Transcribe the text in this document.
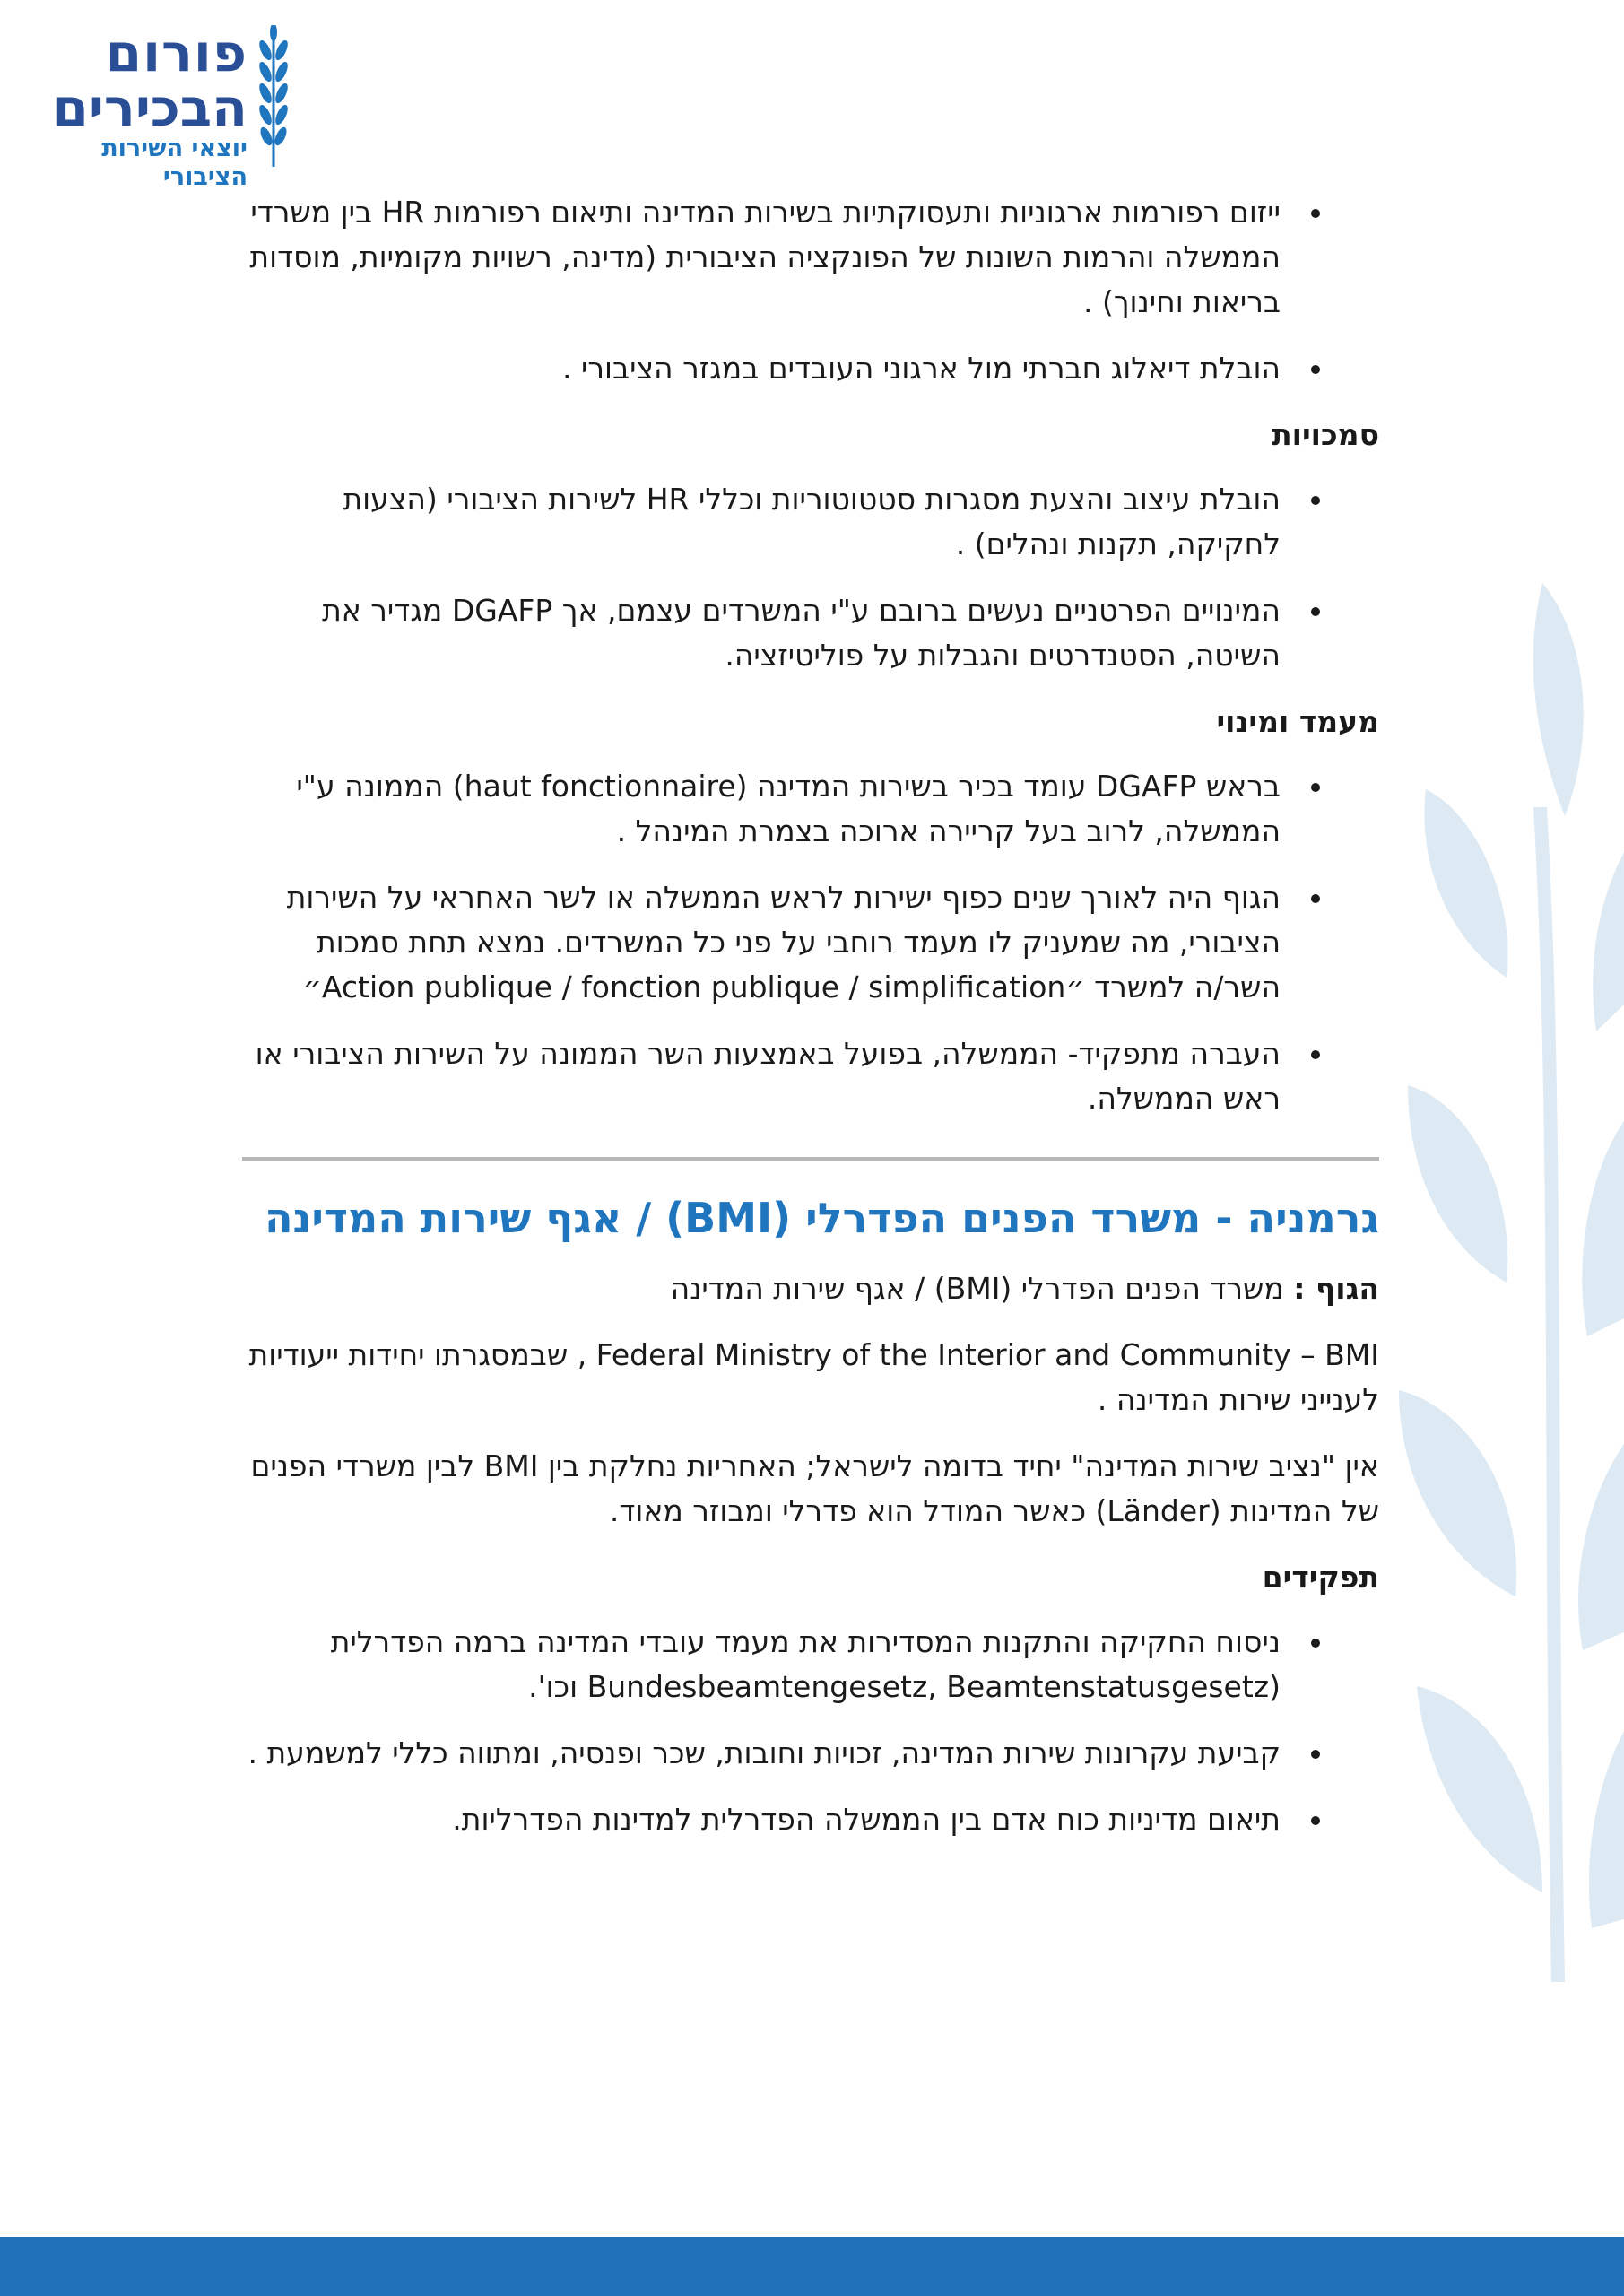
פורום
הבכירים
יוצאי השירות הציבורי
ייזום רפורמות ארגוניות ותעסוקתיות בשירות המדינה ותיאום רפורמות HR בין משרדי הממשלה והרמות השונות של הפונקציה הציבורית (מדינה, רשויות מקומיות, מוסדות בריאות וחינוך) .
הובלת דיאלוג חברתי מול ארגוני העובדים במגזר הציבורי .
סמכויות
הובלת עיצוב והצעת מסגרות סטטוטוריות וכללי HR לשירות הציבורי (הצעות לחקיקה, תקנות ונהלים) .
המינויים הפרטניים נעשים ברובם ע"י המשרדים עצמם, אך DGAFP מגדיר את השיטה, הסטנדרטים והגבלות על פוליטיזציה.
מעמד ומינוי
בראש DGAFP עומד בכיר בשירות המדינה (haut fonctionnaire) הממונה ע"י הממשלה, לרוב בעל קריירה ארוכה בצמרת המינהל .
הגוף היה לאורך שנים כפוף ישירות לראש הממשלה או לשר האחראי על השירות הציבורי, מה שמעניק לו מעמד רוחבי על פני כל המשרדים. נמצא תחת סמכות השר/ה למשרד ״Action publique / fonction publique / simplification״
העברה מתפקיד- הממשלה, בפועל באמצעות השר הממונה על השירות הציבורי או ראש הממשלה.
גרמניה - משרד הפנים הפדרלי (BMI) / אגף שירות המדינה
הגוף : משרד הפנים הפדרלי (BMI) / אגף שירות המדינה
Federal Ministry of the Interior and Community – BMI , שבמסגרתו יחידות ייעודיות לענייני שירות המדינה .
אין "נציב שירות המדינה" יחיד בדומה לישראל; האחריות נחלקת בין BMI לבין משרדי הפנים של המדינות (Länder) כאשר המודל הוא פדרלי ומבוזר מאוד.
תפקידים
ניסוח החקיקה והתקנות המסדירות את מעמד עובדי המדינה ברמה הפדרלית (Bundesbeamtengesetz, Beamtenstatusgesetz וכו'.
קביעת עקרונות שירות המדינה, זכויות וחובות, שכר ופנסיה, ומתווה כללי למשמעת .
תיאום מדיניות כוח אדם בין הממשלה הפדרלית למדינות הפדרליות.
